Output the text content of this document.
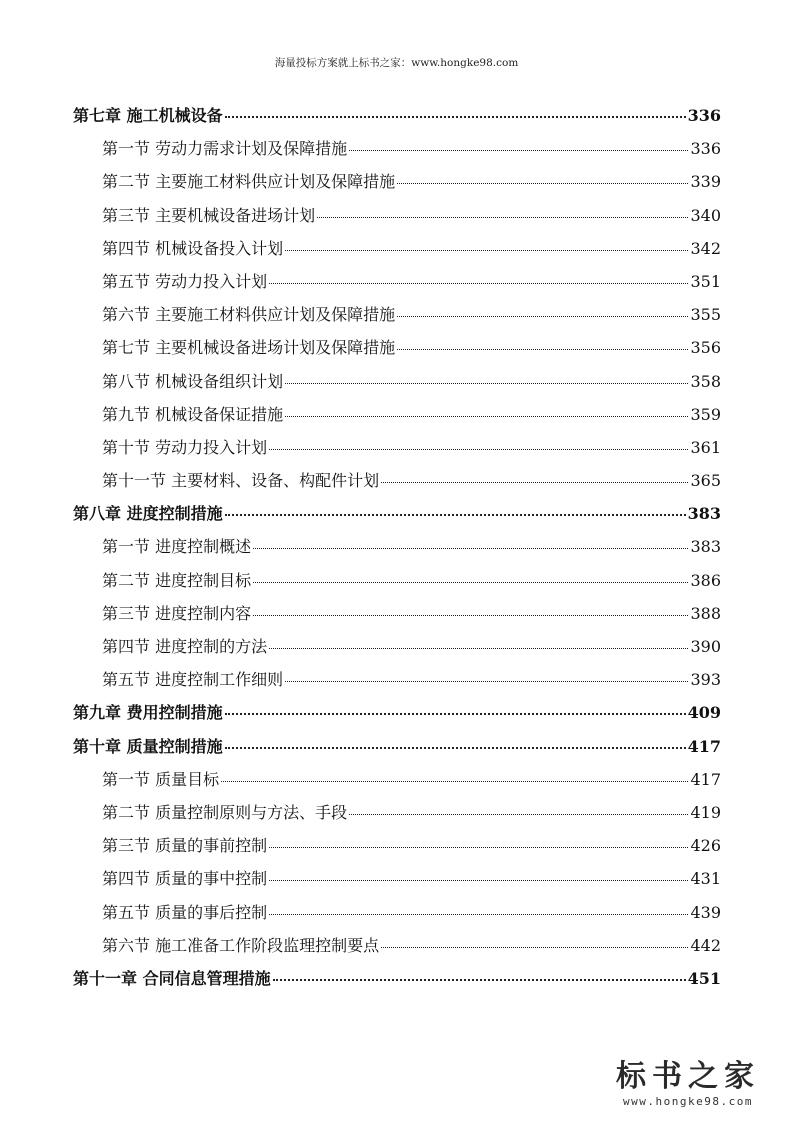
海量投标方案就上标书之家：www.hongke98.com
第七章 施工机械设备	336
第一节 劳动力需求计划及保障措施	336
第二节 主要施工材料供应计划及保障措施	339
第三节 主要机械设备进场计划	340
第四节 机械设备投入计划	342
第五节 劳动力投入计划	351
第六节 主要施工材料供应计划及保障措施	355
第七节 主要机械设备进场计划及保障措施	356
第八节 机械设备组织计划	358
第九节 机械设备保证措施	359
第十节 劳动力投入计划	361
第十一节 主要材料、设备、构配件计划	365
第八章 进度控制措施	383
第一节 进度控制概述	383
第二节 进度控制目标	386
第三节 进度控制内容	388
第四节 进度控制的方法	390
第五节 进度控制工作细则	393
第九章 费用控制措施	409
第十章 质量控制措施	417
第一节 质量目标	417
第二节 质量控制原则与方法、手段	419
第三节 质量的事前控制	426
第四节 质量的事中控制	431
第五节 质量的事后控制	439
第六节 施工准备工作阶段监理控制要点	442
第十一章 合同信息管理措施	451
标书之家
www.hongke98.com
